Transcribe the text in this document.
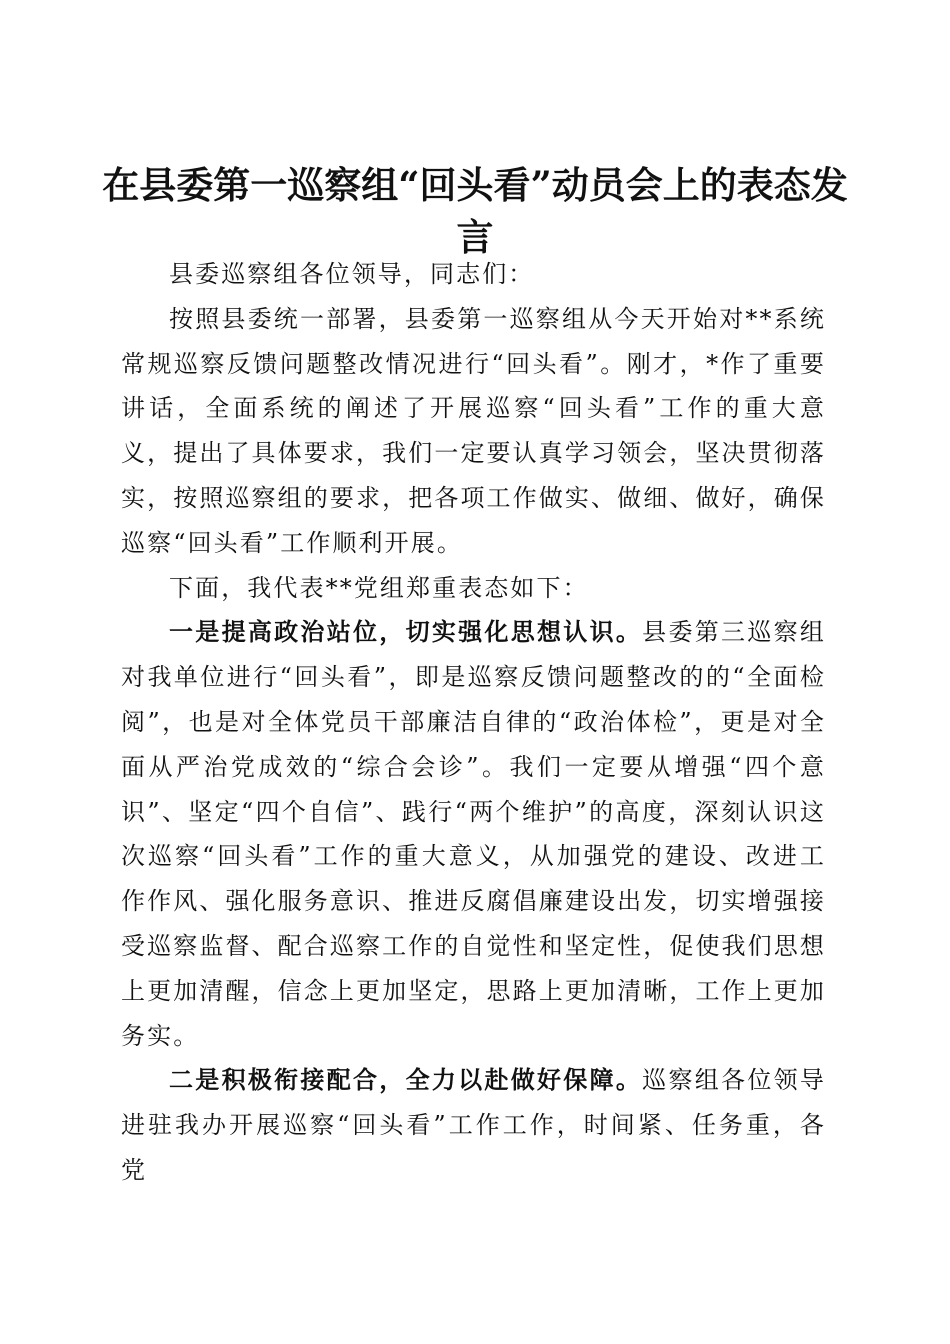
在县委第一巡察组“回头看”动员会上的表态发言

县委巡察组各位领导，同志们：

按照县委统一部署，县委第一巡察组从今天开始对**系统常规巡察反馈问题整改情况进行“回头看”。刚才，*作了重要讲话，全面系统的阐述了开展巡察“回头看”工作的重大意义，提出了具体要求，我们一定要认真学习领会，坚决贯彻落实，按照巡察组的要求，把各项工作做实、做细、做好，确保巡察“回头看”工作顺利开展。

下面，我代表**党组郑重表态如下：

一是提高政治站位，切实强化思想认识。县委第三巡察组对我单位进行“回头看”，即是巡察反馈问题整改的的“全面检阅”，也是对全体党员干部廉洁自律的“政治体检”，更是对全面从严治党成效的“综合会诊”。我们一定要从增强“四个意识”、坚定“四个自信”、践行“两个维护”的高度，深刻认识这次巡察“回头看”工作的重大意义，从加强党的建设、改进工作作风、强化服务意识、推进反腐倡廉建设出发，切实增强接受巡察监督、配合巡察工作的自觉性和坚定性，促使我们思想上更加清醒，信念上更加坚定，思路上更加清晰，工作上更加务实。

二是积极衔接配合，全力以赴做好保障。巡察组各位领导进驻我办开展巡察“回头看”工作工作，时间紧、任务重，各党
